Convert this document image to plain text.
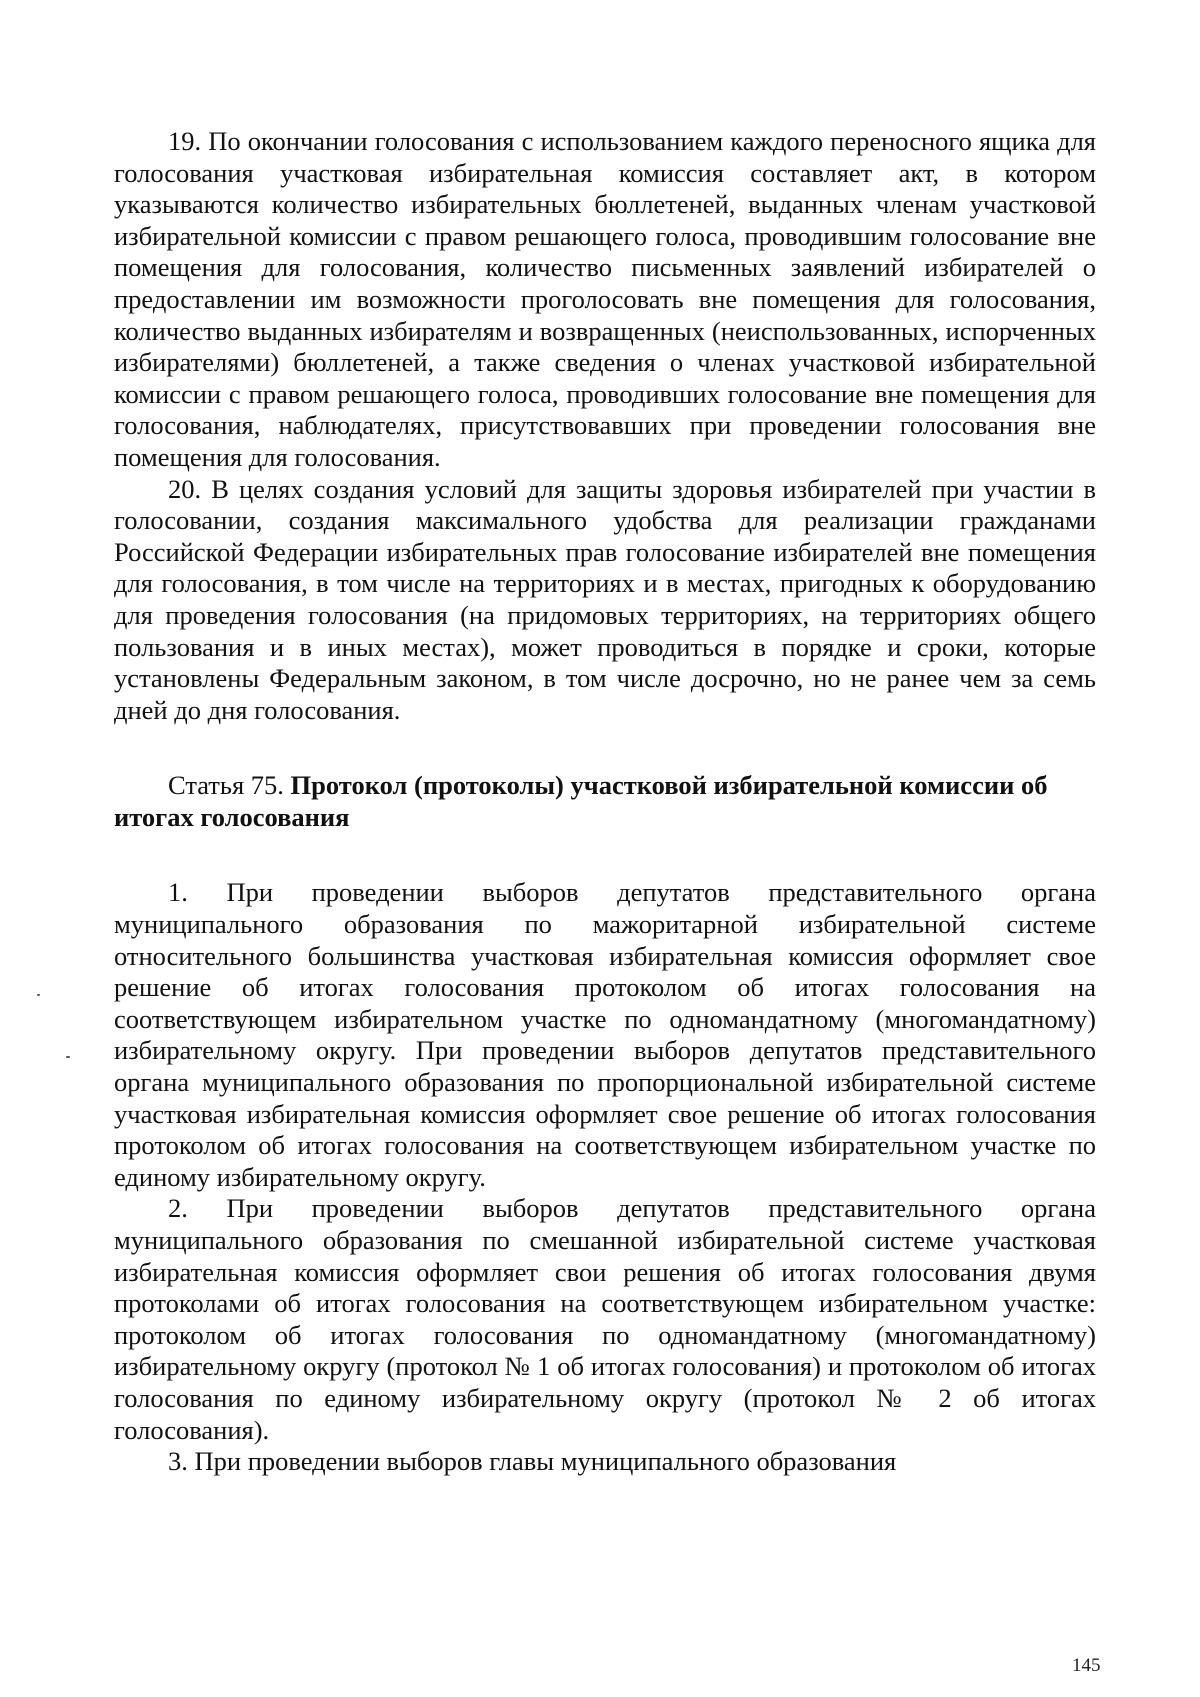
19. По окончании голосования с использованием каждого переносного ящика для голосования участковая избирательная комиссия составляет акт, в котором указываются количество избирательных бюллетеней, выданных членам участковой избирательной комиссии с правом решающего голоса, проводившим голосование вне помещения для голосования, количество письменных заявлений избирателей о предоставлении им возможности проголосовать вне помещения для голосования, количество выданных избирателям и возвращенных (неиспользованных, испорченных избирателями) бюллетеней, а также сведения о членах участковой избирательной комиссии с правом решающего голоса, проводивших голосование вне помещения для голосования, наблюдателях, присутствовавших при проведении голосования вне помещения для голосования.

20. В целях создания условий для защиты здоровья избирателей при участии в голосовании, создания максимального удобства для реализации гражданами Российской Федерации избирательных прав голосование избирателей вне помещения для голосования, в том числе на территориях и в местах, пригодных к оборудованию для проведения голосования (на придомовых территориях, на территориях общего пользования и в иных местах), может проводиться в порядке и сроки, которые установлены Федеральным законом, в том числе досрочно, но не ранее чем за семь дней до дня голосования.

Статья 75. Протокол (протоколы) участковой избирательной комиссии об итогах голосования

1. При проведении выборов депутатов представительного органа муниципального образования по мажоритарной избирательной системе относительного большинства участковая избирательная комиссия оформляет свое решение об итогах голосования протоколом об итогах голосования на соответствующем избирательном участке по одномандатному (многомандатному) избирательному округу. При проведении выборов депутатов представительного органа муниципального образования по пропорциональной избирательной системе участковая избирательная комиссия оформляет свое решение об итогах голосования протоколом об итогах голосования на соответствующем избирательном участке по единому избирательному округу.

2. При проведении выборов депутатов представительного органа муниципального образования по смешанной избирательной системе участковая избирательная комиссия оформляет свои решения об итогах голосования двумя протоколами об итогах голосования на соответствующем избирательном участке: протоколом об итогах голосования по одномандатному (многомандатному) избирательному округу (протокол № 1 об итогах голосования) и протоколом об итогах голосования по единому избирательному округу (протокол № 2 об итогах голосования).

3. При проведении выборов главы муниципального образования

145
